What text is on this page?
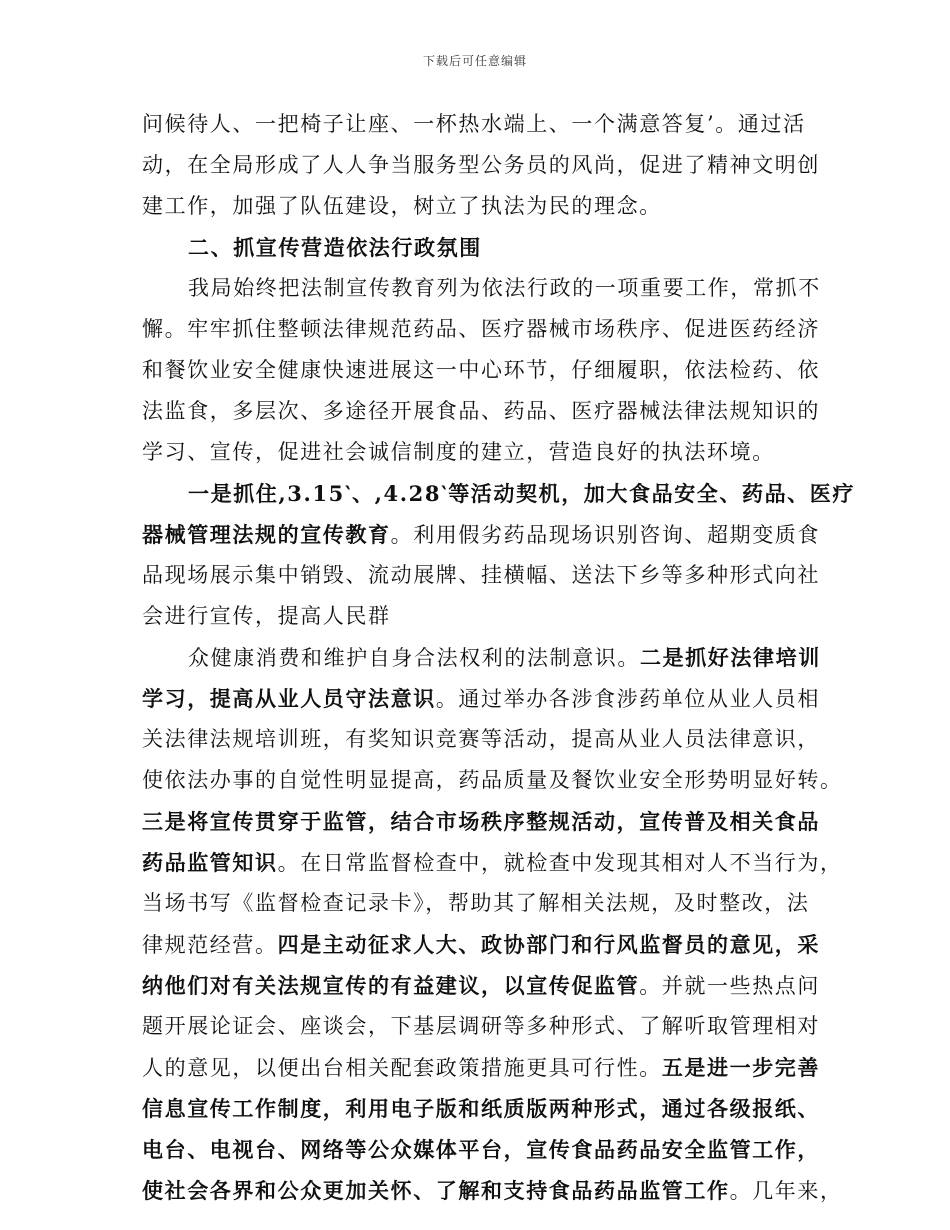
下载后可任意编辑
问候待人、一把椅子让座、一杯热水端上、一个满意答复’。通过活
动，在全局形成了人人争当服务型公务员的风尚，促进了精神文明创
建工作，加强了队伍建设，树立了执法为民的理念。
二、抓宣传营造依法行政氛围
我局始终把法制宣传教育列为依法行政的一项重要工作，常抓不
懈。牢牢抓住整顿法律规范药品、医疗器械市场秩序、促进医药经济
和餐饮业安全健康快速进展这一中心环节，仔细履职，依法检药、依
法监食，多层次、多途径开展食品、药品、医疗器械法律法规知识的
学习、宣传，促进社会诚信制度的建立，营造良好的执法环境。
一是抓住,3.15‵、,4.28‵等活动契机，加大食品安全、药品、医疗
器械管理法规的宣传教育。利用假劣药品现场识别咨询、超期变质食
品现场展示集中销毁、流动展牌、挂横幅、送法下乡等多种形式向社
会进行宣传，提高人民群
众健康消费和维护自身合法权利的法制意识。二是抓好法律培训
学习，提高从业人员守法意识。通过举办各涉食涉药单位从业人员相
关法律法规培训班，有奖知识竞赛等活动，提高从业人员法律意识，
使依法办事的自觉性明显提高，药品质量及餐饮业安全形势明显好转。
三是将宣传贯穿于监管，结合市场秩序整规活动，宣传普及相关食品
药品监管知识。在日常监督检查中，就检查中发现其相对人不当行为，
当场书写《监督检查记录卡》，帮助其了解相关法规，及时整改，法
律规范经营。四是主动征求人大、政协部门和行风监督员的意见，采
纳他们对有关法规宣传的有益建议，以宣传促监管。并就一些热点问
题开展论证会、座谈会，下基层调研等多种形式、了解听取管理相对
人的意见，以便出台相关配套政策措施更具可行性。五是进一步完善
信息宣传工作制度，利用电子版和纸质版两种形式，通过各级报纸、
电台、电视台、网络等公众媒体平台，宣传食品药品安全监管工作，
使社会各界和公众更加关怀、了解和支持食品药品监管工作。几年来，
